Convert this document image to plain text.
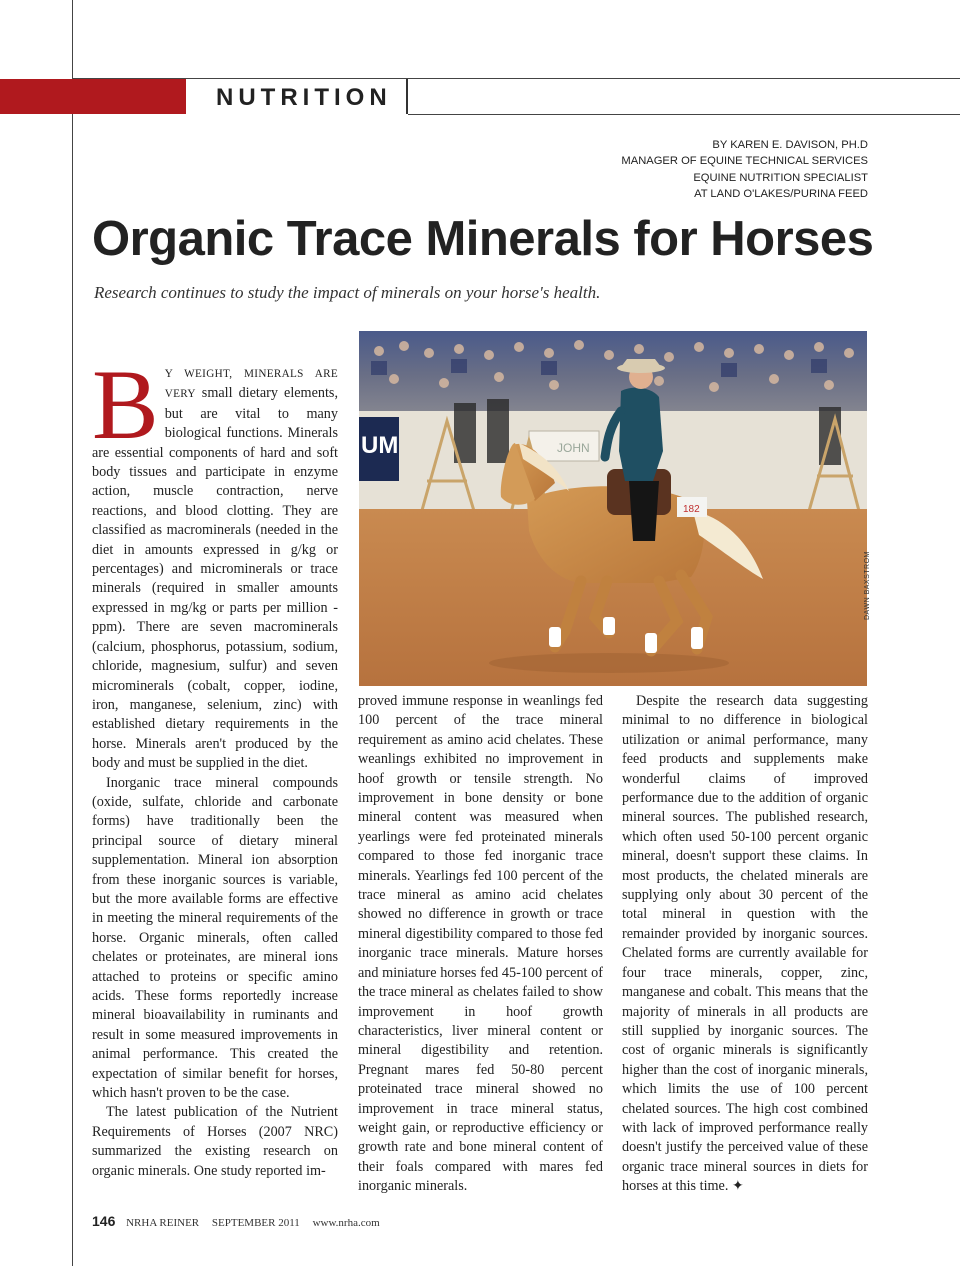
NUTRITION
BY KAREN E. DAVISON, PH.D
MANAGER OF EQUINE TECHNICAL SERVICES
EQUINE NUTRITION SPECIALIST
AT LAND O'LAKES/PURINA FEED
Organic Trace Minerals for Horses
Research continues to study the impact of minerals on your horse's health.
UM	JOHN
182
DAWN BAXSTROM

B Y WEIGHT, MINERALS ARE VERY small dietary elements, but are vital to many biological functions. Minerals are essential components of hard and soft body tissues and participate in enzyme action, muscle contraction, nerve reactions, and blood clotting. They are classified as macrominerals (needed in the diet in amounts expressed in g/kg or percentages) and microminerals or trace minerals (required in smaller amounts expressed in mg/kg or parts per million - ppm). There are seven macrominerals (calcium, phosphorus, potassium, sodium, chloride, magnesium, sulfur) and seven microminerals (cobalt, copper, iodine, iron, manganese, selenium, zinc) with established dietary requirements in the horse. Minerals aren't produced by the body and must be supplied in the diet.

Inorganic trace mineral compounds (oxide, sulfate, chloride and carbonate forms) have traditionally been the principal source of dietary mineral supplementation. Mineral ion absorption from these inorganic sources is variable, but the more available forms are effective in meeting the mineral requirements of the horse. Organic minerals, often called chelates or proteinates, are mineral ions attached to proteins or specific amino acids. These forms reportedly increase mineral bioavailability in ruminants and result in some measured improvements in animal performance. This created the expectation of similar benefit for horses, which hasn't proven to be the case.

The latest publication of the Nutrient Requirements of Horses (2007 NRC) summarized the existing research on organic minerals. One study reported im-

proved immune response in weanlings fed 100 percent of the trace mineral requirement as amino acid chelates. These weanlings exhibited no improvement in hoof growth or tensile strength. No improvement in bone density or bone mineral content was measured when yearlings were fed proteinated minerals compared to those fed inorganic trace minerals. Yearlings fed 100 percent of the trace mineral as amino acid chelates showed no difference in growth or trace mineral digestibility compared to those fed inorganic trace minerals. Mature horses and miniature horses fed 45-100 percent of the trace mineral as chelates failed to show improvement in hoof growth characteristics, liver mineral content or mineral digestibility and retention. Pregnant mares fed 50-80 percent proteinated trace mineral showed no improvement in trace mineral status, weight gain, or reproductive efficiency or growth rate and bone mineral content of their foals compared with mares fed inorganic minerals.

Despite the research data suggesting minimal to no difference in biological utilization or animal performance, many feed products and supplements make wonderful claims of improved performance due to the addition of organic mineral sources. The published research, which often used 50-100 percent organic mineral, doesn't support these claims. In most products, the chelated minerals are supplying only about 30 percent of the total mineral in question with the remainder provided by inorganic sources. Chelated forms are currently available for four trace minerals, copper, zinc, manganese and cobalt. This means that the majority of minerals in all products are still supplied by inorganic sources. The cost of organic minerals is significantly higher than the cost of inorganic minerals, which limits the use of 100 percent chelated sources. The high cost combined with lack of improved performance really doesn't justify the perceived value of these organic trace mineral sources in diets for horses at this time. ✦

146 NRHA REINER SEPTEMBER 2011 www.nrha.com
